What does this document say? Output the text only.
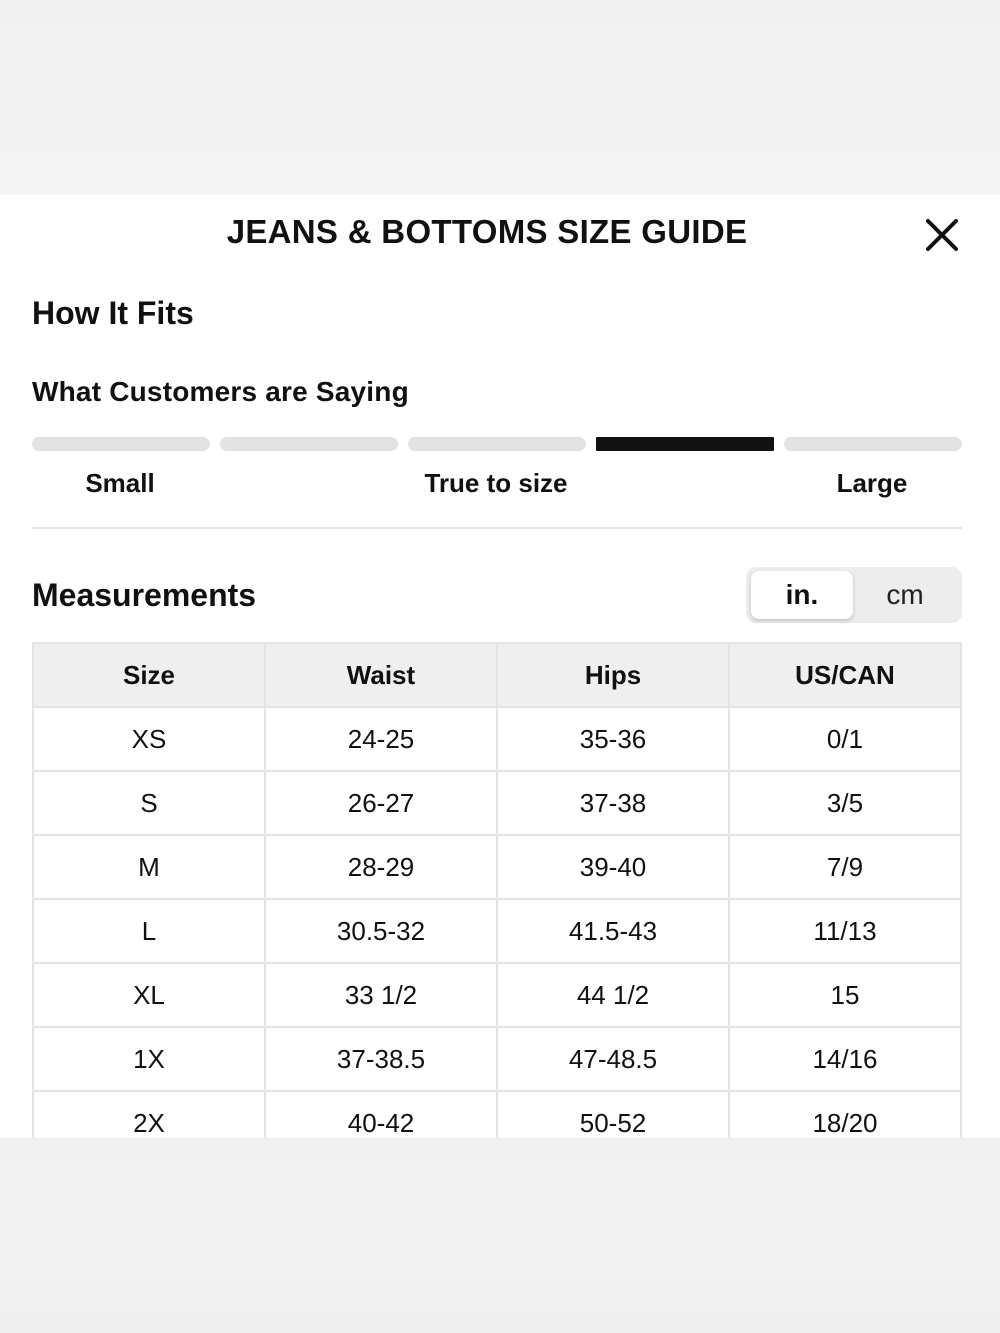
JEANS & BOTTOMS SIZE GUIDE
How It Fits
What Customers are Saying
Small	True to size	Large
Measurements	in.	cm
Size	Waist	Hips	US/CAN
XS	24-25	35-36	0/1
S	26-27	37-38	3/5
M	28-29	39-40	7/9
L	30.5-32	41.5-43	11/13
XL	33 1/2	44 1/2	15
1X	37-38.5	47-48.5	14/16
2X	40-42	50-52	18/20
